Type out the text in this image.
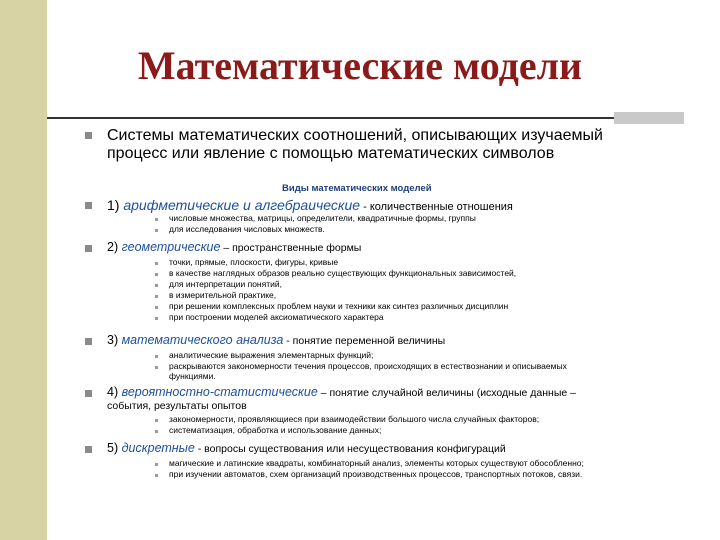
Математические модели
Системы математических соотношений, описывающих изучаемый
процесс или явление с помощью математических символов
Виды математических моделей
1) арифметические и алгебраические - количественные отношения
числовые множества, матрицы, определители, квадратичные формы, группы
для исследования числовых множеств.
2) геометрические – пространственные формы
точки, прямые, плоскости, фигуры, кривые
в качестве наглядных образов реально существующих функциональных зависимостей,
для интерпретации понятий,
в измерительной практике,
при решении комплексных проблем науки и техники как синтез различных дисциплин
при построении моделей аксиоматического характера
3) математического анализа - понятие переменной величины
аналитические выражения элементарных функций;
раскрываются закономерности течения процессов, происходящих в естествознании и описываемых
функциями.
4) вероятностно-статистические – понятие случайной величины (исходные данные –
события, результаты опытов
закономерности, проявляющиеся при взаимодействии большого числа случайных факторов;
систематизация, обработка и использование данных;
5) дискретные - вопросы существования или несуществования конфигураций
магические и латинские квадраты, комбинаторный анализ, элементы которых существуют обособленно;
при изучении автоматов, схем организаций производственных процессов, транспортных потоков, связи.
